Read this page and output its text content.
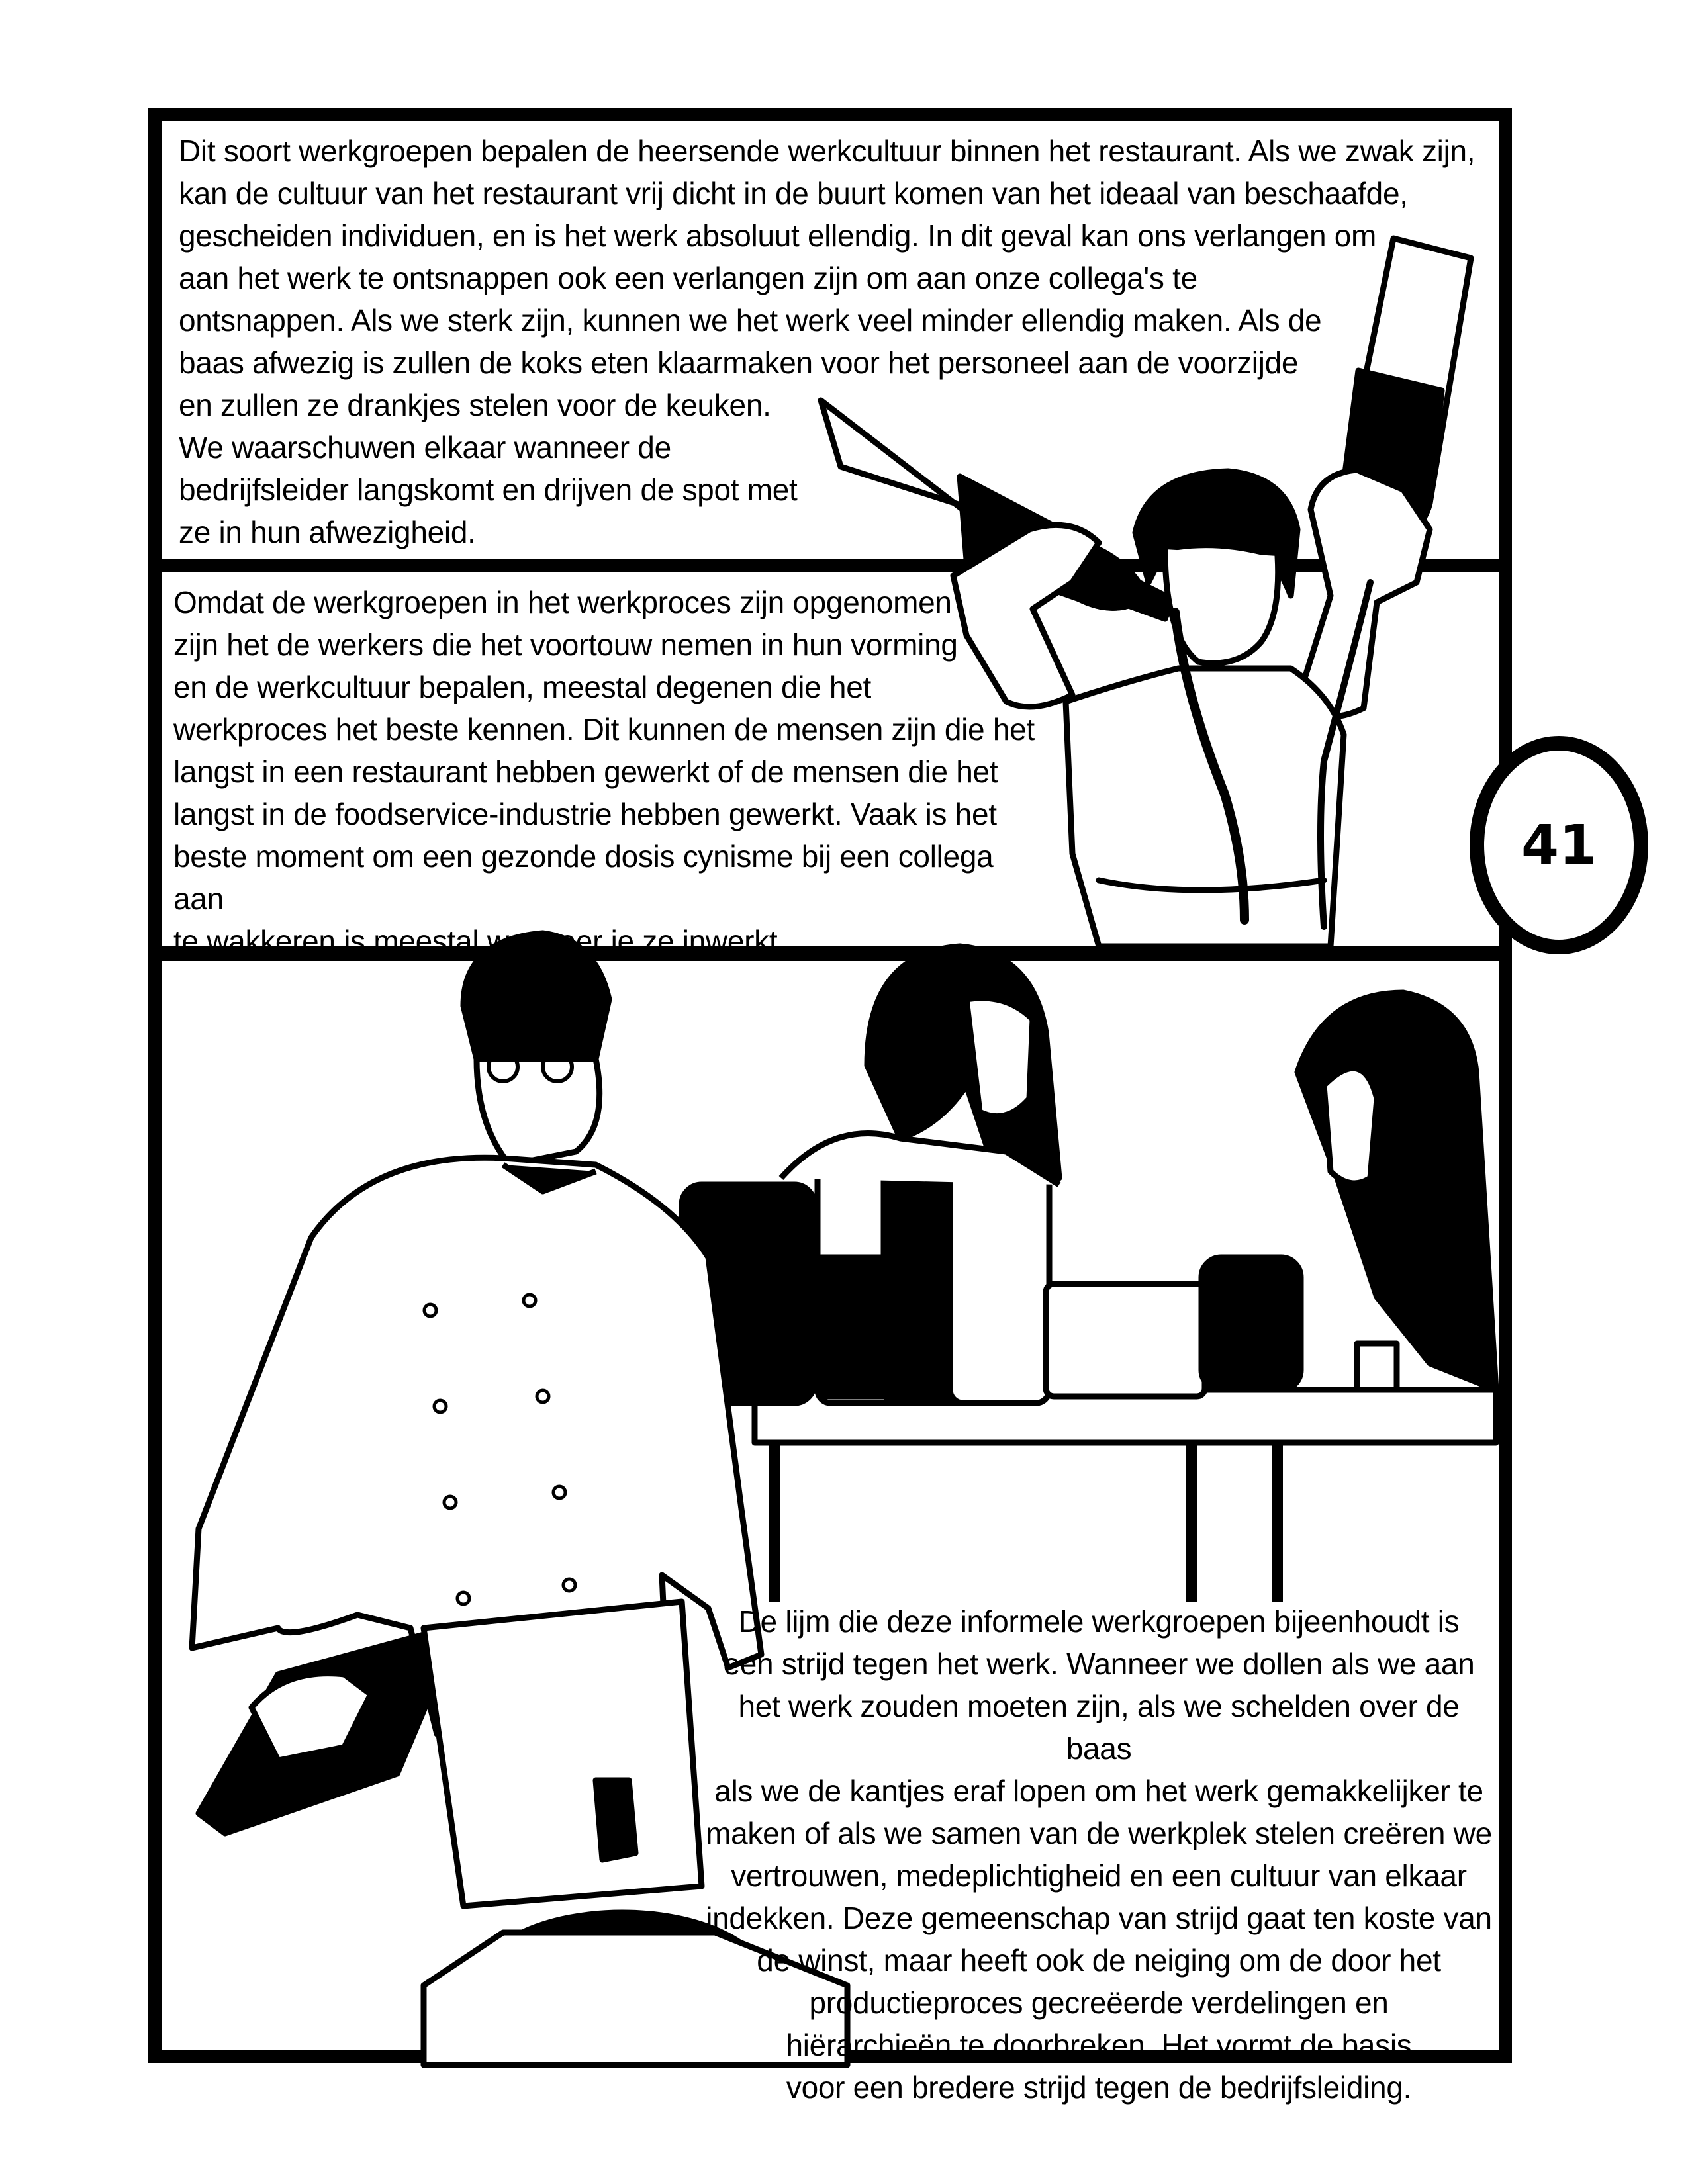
Dit soort werkgroepen bepalen de heersende werkcultuur binnen het restaurant. Als we zwak zijn,
kan de cultuur van het restaurant vrij dicht in de buurt komen van het ideaal van beschaafde,
gescheiden individuen, en is het werk absoluut ellendig. In dit geval kan ons verlangen om
aan het werk te ontsnappen ook een verlangen zijn om aan onze collega's te
ontsnappen. Als we sterk zijn, kunnen we het werk veel minder ellendig maken. Als de
baas afwezig is zullen de koks eten klaarmaken voor het personeel aan de voorzijde
en zullen ze drankjes stelen voor de keuken.
We waarschuwen elkaar wanneer de
bedrijfsleider langskomt en drijven de spot met
ze in hun afwezigheid.

Omdat de werkgroepen in het werkproces zijn opgenomen
zijn het de werkers die het voortouw nemen in hun vorming
en de werkcultuur bepalen, meestal degenen die het
werkproces het beste kennen. Dit kunnen de mensen zijn die het
langst in een restaurant hebben gewerkt of de mensen die het
langst in de foodservice-industrie hebben gewerkt. Vaak is het
beste moment om een gezonde dosis cynisme bij een collega aan
te wakkeren is meestal wanneer je ze inwerkt.

De lijm die deze informele werkgroepen bijeenhoudt is
een strijd tegen het werk. Wanneer we dollen als we aan
het werk zouden moeten zijn, als we schelden over de baas
als we de kantjes eraf lopen om het werk gemakkelijker te
maken of als we samen van de werkplek stelen creëren we
vertrouwen, medeplichtigheid en een cultuur van elkaar
indekken. Deze gemeenschap van strijd gaat ten koste van
de winst, maar heeft ook de neiging om de door het
productieproces gecreëerde verdelingen en
hiërarchieën te doorbreken. Het vormt de basis
voor een bredere strijd tegen de bedrijfsleiding.

41
